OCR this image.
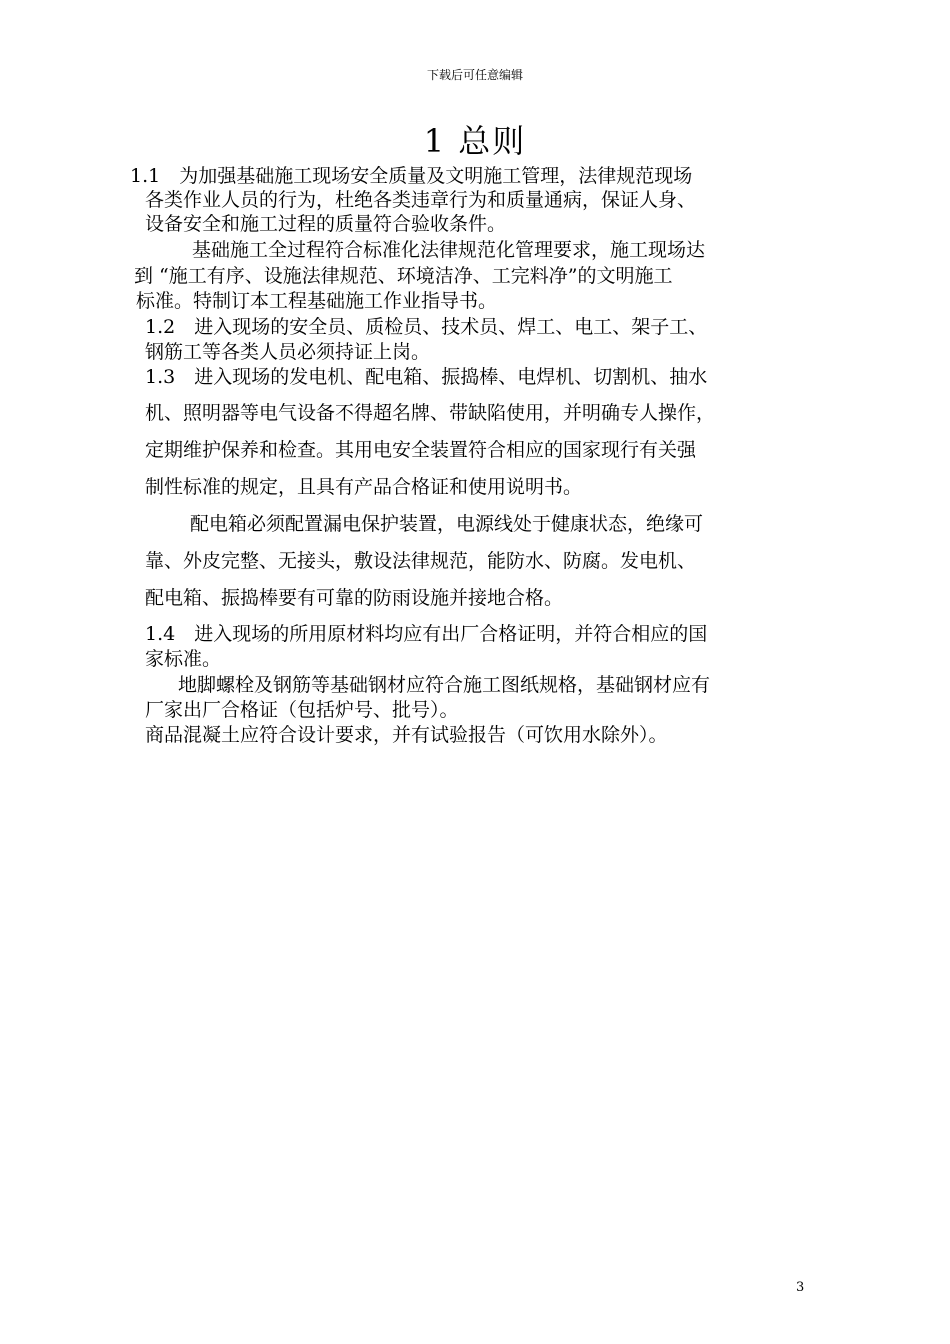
下载后可任意编辑
1 总则
1.1　为加强基础施工现场安全质量及文明施工管理，法律规范现场
各类作业人员的行为，杜绝各类违章行为和质量通病，保证人身、
设备安全和施工过程的质量符合验收条件。
基础施工全过程符合标准化法律规范化管理要求，施工现场达
到 “施工有序、设施法律规范、环境洁净、工完料净”的文明施工
标准。特制订本工程基础施工作业指导书。
1.2　进入现场的安全员、质检员、技术员、焊工、电工、架子工、
钢筋工等各类人员必须持证上岗。
1.3　进入现场的发电机、配电箱、振捣棒、电焊机、切割机、抽水
机、照明器等电气设备不得超名牌、带缺陷使用，并明确专人操作，
定期维护保养和检查。其用电安全装置符合相应的国家现行有关强
制性标准的规定，且具有产品合格证和使用说明书。
配电箱必须配置漏电保护装置，电源线处于健康状态，绝缘可
靠、外皮完整、无接头，敷设法律规范，能防水、防腐。发电机、
配电箱、振捣棒要有可靠的防雨设施并接地合格。
1.4　进入现场的所用原材料均应有出厂合格证明，并符合相应的国
家标准。
地脚螺栓及钢筋等基础钢材应符合施工图纸规格，基础钢材应有
厂家出厂合格证（包括炉号、批号）。
商品混凝土应符合设计要求，并有试验报告（可饮用水除外）。
3
